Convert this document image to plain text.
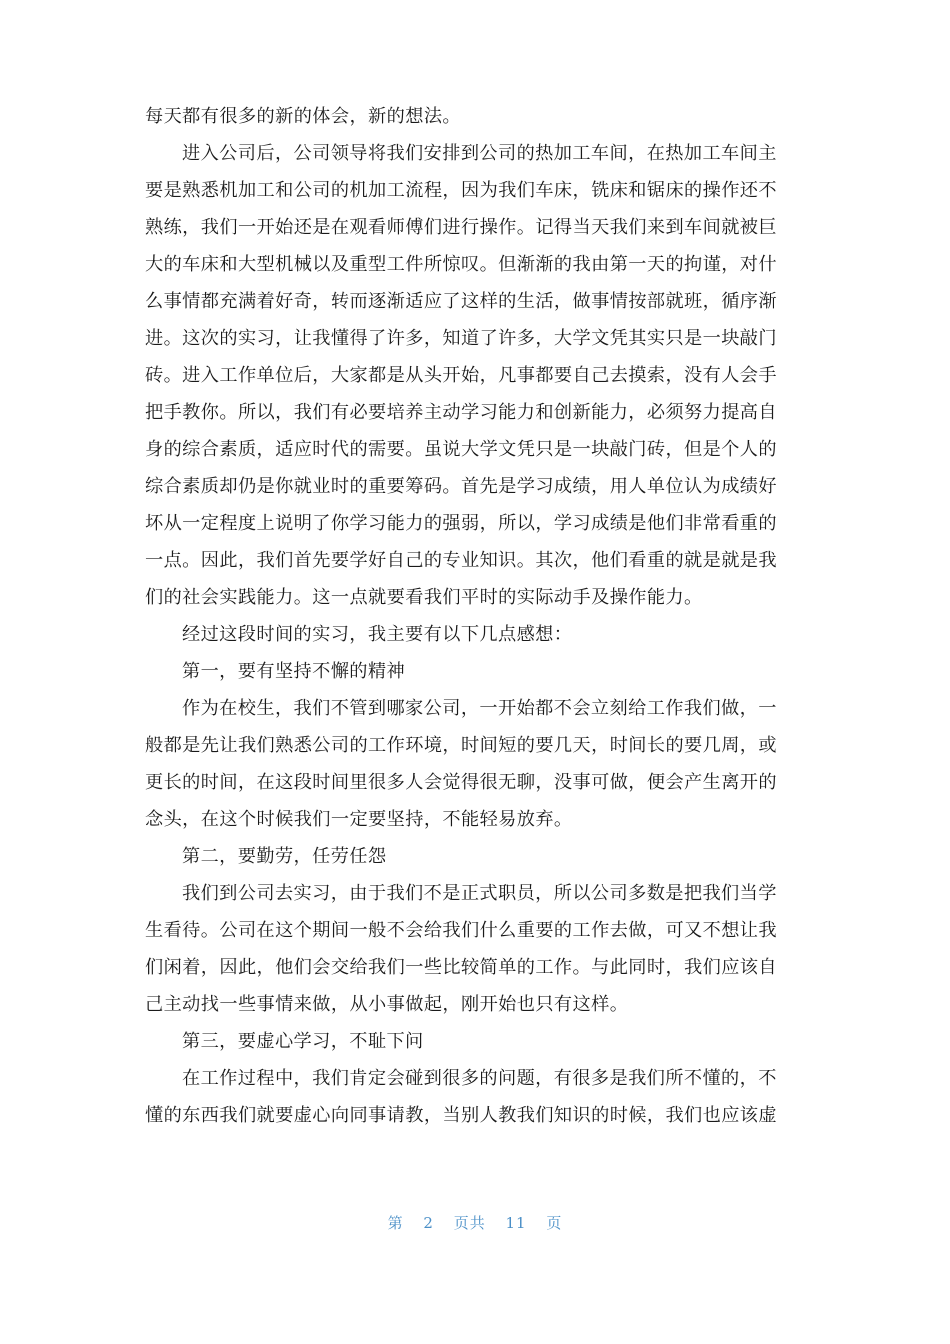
每天都有很多的新的体会，新的想法。
进入公司后，公司领导将我们安排到公司的热加工车间，在热加工车间主
要是熟悉机加工和公司的机加工流程，因为我们车床，铣床和锯床的操作还不
熟练，我们一开始还是在观看师傅们进行操作。记得当天我们来到车间就被巨
大的车床和大型机械以及重型工件所惊叹。但渐渐的我由第一天的拘谨，对什
么事情都充满着好奇，转而逐渐适应了这样的生活，做事情按部就班，循序渐
进。这次的实习，让我懂得了许多，知道了许多，大学文凭其实只是一块敲门
砖。进入工作单位后，大家都是从头开始，凡事都要自己去摸索，没有人会手
把手教你。所以，我们有必要培养主动学习能力和创新能力，必须努力提高自
身的综合素质，适应时代的需要。虽说大学文凭只是一块敲门砖，但是个人的
综合素质却仍是你就业时的重要筹码。首先是学习成绩，用人单位认为成绩好
坏从一定程度上说明了你学习能力的强弱，所以，学习成绩是他们非常看重的
一点。因此，我们首先要学好自己的专业知识。其次，他们看重的就是就是我
们的社会实践能力。这一点就要看我们平时的实际动手及操作能力。
经过这段时间的实习，我主要有以下几点感想：
第一，要有坚持不懈的精神
作为在校生，我们不管到哪家公司，一开始都不会立刻给工作我们做，一
般都是先让我们熟悉公司的工作环境，时间短的要几天，时间长的要几周，或
更长的时间，在这段时间里很多人会觉得很无聊，没事可做，便会产生离开的
念头，在这个时候我们一定要坚持，不能轻易放弃。
第二，要勤劳，任劳任怨
我们到公司去实习，由于我们不是正式职员，所以公司多数是把我们当学
生看待。公司在这个期间一般不会给我们什么重要的工作去做，可又不想让我
们闲着，因此，他们会交给我们一些比较简单的工作。与此同时，我们应该自
己主动找一些事情来做，从小事做起，刚开始也只有这样。
第三，要虚心学习，不耻下问
在工作过程中，我们肯定会碰到很多的问题，有很多是我们所不懂的，不
懂的东西我们就要虚心向同事请教，当别人教我们知识的时候，我们也应该虚
第 2 页共 11 页
